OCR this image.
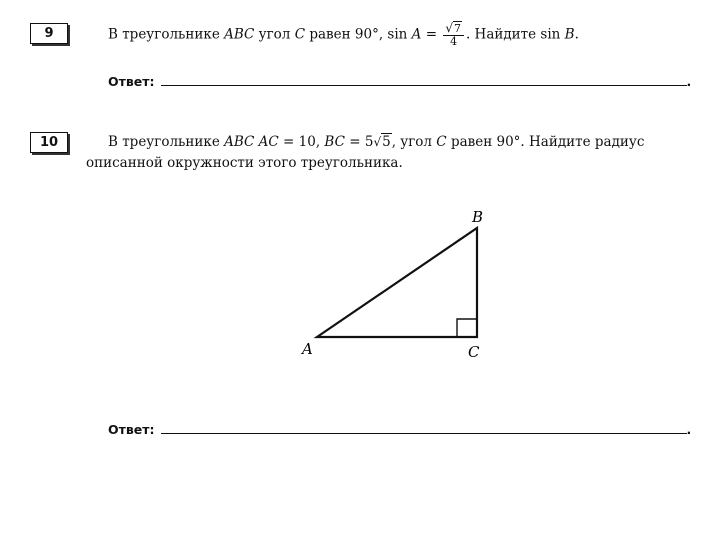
9	В треугольнике ABC угол C равен 90°, $\sin A = \frac{√7}{4}$ . Найдите sin B.
Ответ:	.
10	В треугольнике ABC AC = 10, BC = 5√5, угол C равен 90°. Найдите радиус
описанной окружности этого треугольника.
A
B
C
Ответ:	.
